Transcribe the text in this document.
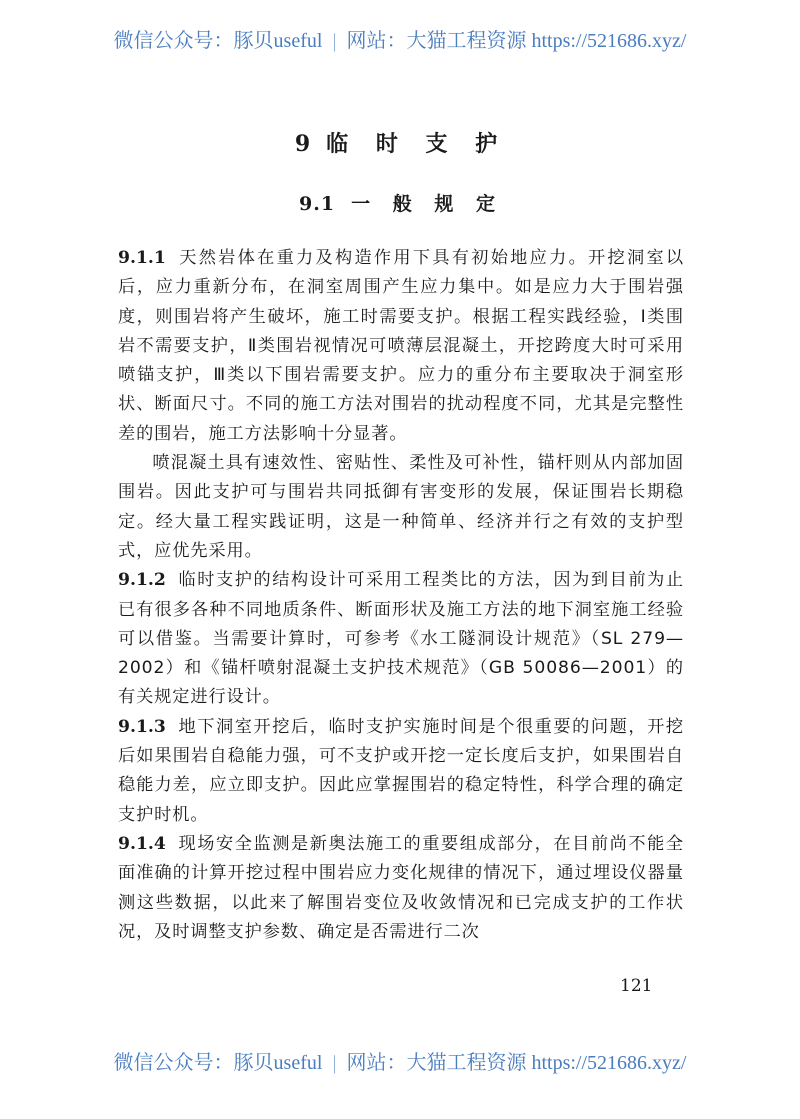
微信公众号：豚贝useful | 网站：大猫工程资源 https://521686.xyz/
9 临 时 支 护
9.1 一 般 规 定

9.1.1 天然岩体在重力及构造作用下具有初始地应力。开挖洞室以后，应力重新分布，在洞室周围产生应力集中。如是应力大于围岩强度，则围岩将产生破坏，施工时需要支护。根据工程实践经验，Ⅰ类围岩不需要支护，Ⅱ类围岩视情况可喷薄层混凝土，开挖跨度大时可采用喷锚支护，Ⅲ类以下围岩需要支护。应力的重分布主要取决于洞室形状、断面尺寸。不同的施工方法对围岩的扰动程度不同，尤其是完整性差的围岩，施工方法影响十分显著。

喷混凝土具有速效性、密贴性、柔性及可补性，锚杆则从内部加固围岩。因此支护可与围岩共同抵御有害变形的发展，保证围岩长期稳定。经大量工程实践证明，这是一种简单、经济并行之有效的支护型式，应优先采用。

9.1.2 临时支护的结构设计可采用工程类比的方法，因为到目前为止已有很多各种不同地质条件、断面形状及施工方法的地下洞室施工经验可以借鉴。当需要计算时，可参考《水工隧洞设计规范》（SL 279—2002）和《锚杆喷射混凝土支护技术规范》（GB 50086—2001）的有关规定进行设计。

9.1.3 地下洞室开挖后，临时支护实施时间是个很重要的问题，开挖后如果围岩自稳能力强，可不支护或开挖一定长度后支护，如果围岩自稳能力差，应立即支护。因此应掌握围岩的稳定特性，科学合理的确定支护时机。

9.1.4 现场安全监测是新奥法施工的重要组成部分，在目前尚不能全面准确的计算开挖过程中围岩应力变化规律的情况下，通过埋设仪器量测这些数据，以此来了解围岩变位及收敛情况和已完成支护的工作状况，及时调整支护参数、确定是否需进行二次

121
微信公众号：豚贝useful | 网站：大猫工程资源 https://521686.xyz/
